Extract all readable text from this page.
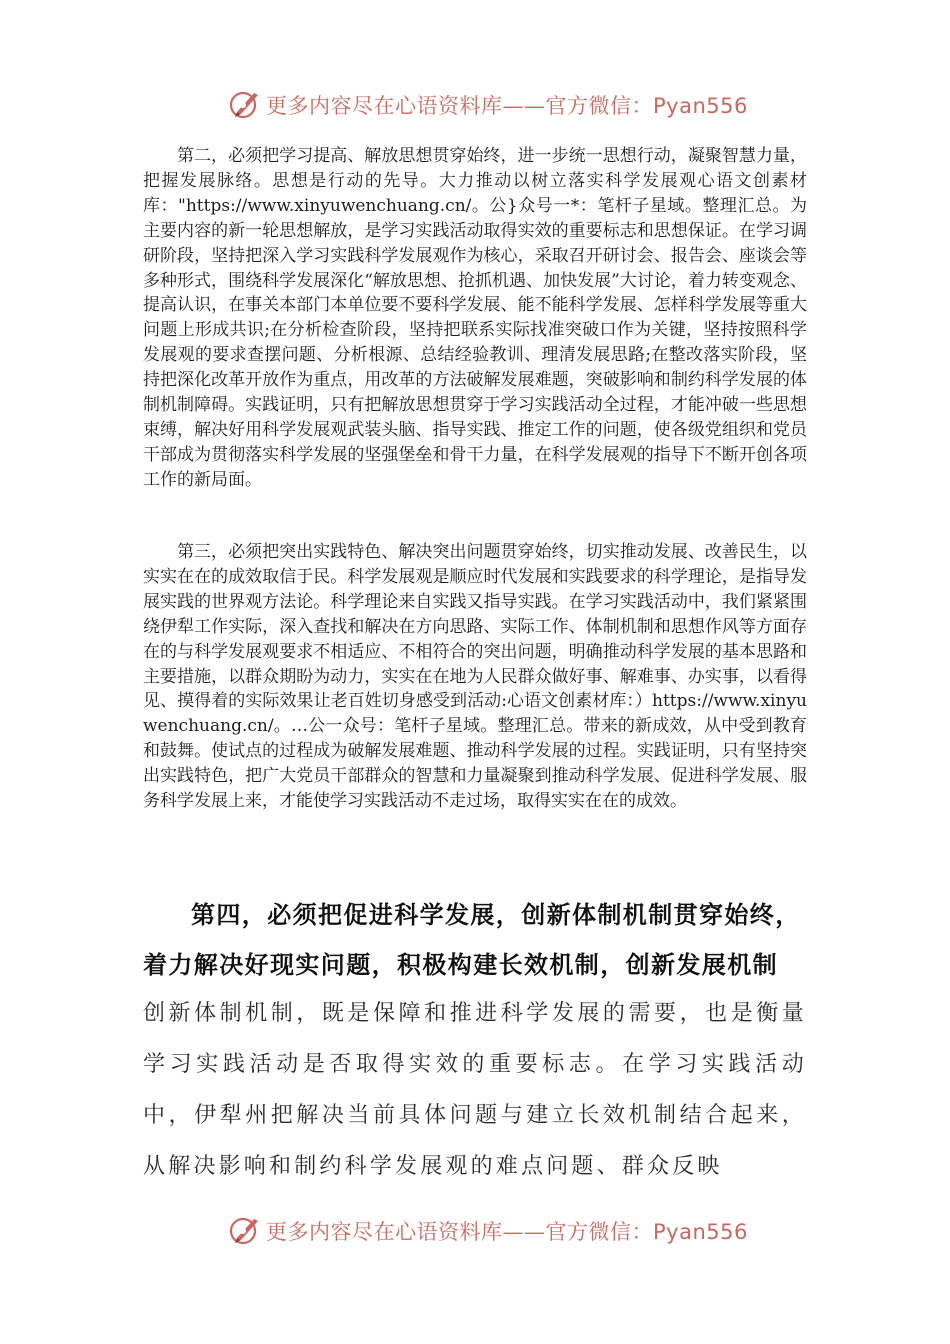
更多内容尽在心语资料库——官方微信：Pyan556

第二，必须把学习提高、解放思想贯穿始终，进一步统一思想行动，凝聚智慧力量，把握发展脉络。思想是行动的先导。大力推动以树立落实科学发展观心语文创素材库："https://www.xinyuwenchuang.cn/。公}众号一*：笔杆子星域。整理汇总。为主要内容的新一轮思想解放，是学习实践活动取得实效的重要标志和思想保证。在学习调研阶段，坚持把深入学习实践科学发展观作为核心，采取召开研讨会、报告会、座谈会等多种形式，围绕科学发展深化“解放思想、抢抓机遇、加快发展”大讨论，着力转变观念、提高认识，在事关本部门本单位要不要科学发展、能不能科学发展、怎样科学发展等重大问题上形成共识;在分析检查阶段，坚持把联系实际找准突破口作为关键，坚持按照科学发展观的要求查摆问题、分析根源、总结经验教训、理清发展思路;在整改落实阶段，坚持把深化改革开放作为重点，用改革的方法破解发展难题，突破影响和制约科学发展的体制机制障碍。实践证明，只有把解放思想贯穿于学习实践活动全过程，才能冲破一些思想束缚，解决好用科学发展观武装头脑、指导实践、推定工作的问题，使各级党组织和党员干部成为贯彻落实科学发展的坚强堡垒和骨干力量，在科学发展观的指导下不断开创各项工作的新局面。

第三，必须把突出实践特色、解决突出问题贯穿始终，切实推动发展、改善民生，以实实在在的成效取信于民。科学发展观是顺应时代发展和实践要求的科学理论，是指导发展实践的世界观方法论。科学理论来自实践又指导实践。在学习实践活动中，我们紧紧围绕伊犁工作实际，深入查找和解决在方向思路、实际工作、体制机制和思想作风等方面存在的与科学发展观要求不相适应、不相符合的突出问题，明确推动科学发展的基本思路和主要措施，以群众期盼为动力，实实在在地为人民群众做好事、解难事、办实事，以看得见、摸得着的实际效果让老百姓切身感受到活动:心语文创素材库：）https://www.xinyuwenchuang.cn/。…公一众号：笔杆子星域。整理汇总。带来的新成效，从中受到教育和鼓舞。使试点的过程成为破解发展难题、推动科学发展的过程。实践证明，只有坚持突出实践特色，把广大党员干部群众的智慧和力量凝聚到推动科学发展、促进科学发展、服务科学发展上来，才能使学习实践活动不走过场，取得实实在在的成效。

第四，必须把促进科学发展，创新体制机制贯穿始终，着力解决好现实问题，积极构建长效机制，创新发展机制

创新体制机制，既是保障和推进科学发展的需要，也是衡量学习实践活动是否取得实效的重要标志。在学习实践活动中，伊犁州把解决当前具体问题与建立长效机制结合起来，从解决影响和制约科学发展观的难点问题、群众反映

更多内容尽在心语资料库——官方微信：Pyan556
